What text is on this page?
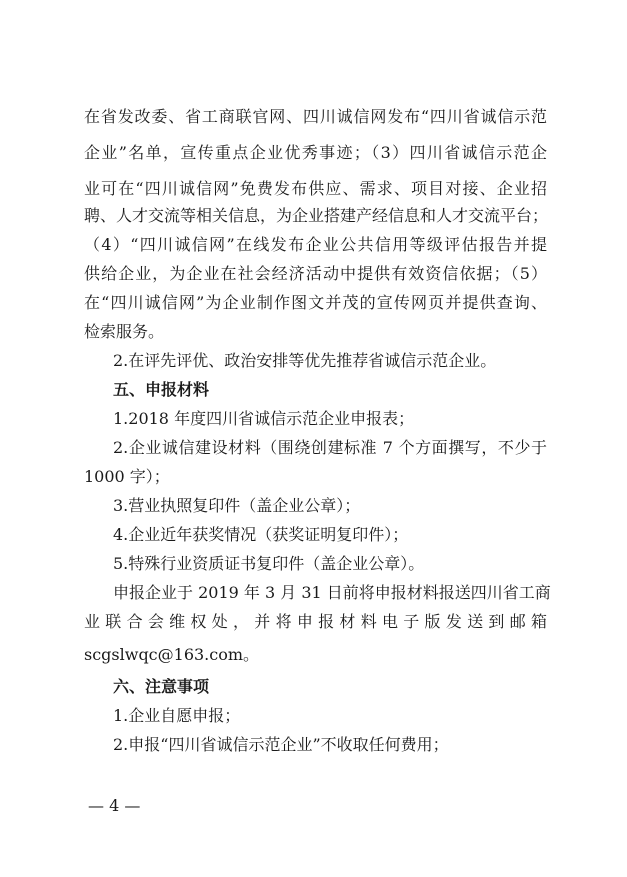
在省发改委、省工商联官网、四川诚信网发布“四川省诚信示范
企业”名单，宣传重点企业优秀事迹；（3）四川省诚信示范企
业可在“四川诚信网”免费发布供应、需求、项目对接、企业招
聘、人才交流等相关信息，为企业搭建产经信息和人才交流平台；
（4）“四川诚信网”在线发布企业公共信用等级评估报告并提
供给企业，为企业在社会经济活动中提供有效资信依据；（5）
在“四川诚信网”为企业制作图文并茂的宣传网页并提供查询、
检索服务。
2.在评先评优、政治安排等优先推荐省诚信示范企业。
五、申报材料
1.2018 年度四川省诚信示范企业申报表；
2.企业诚信建设材料（围绕创建标准 7 个方面撰写，不少于
1000 字）；
3.营业执照复印件（盖企业公章）；
4.企业近年获奖情况（获奖证明复印件）；
5.特殊行业资质证书复印件（盖企业公章）。
申报企业于 2019 年 3 月 31 日前将申报材料报送四川省工商
业联合会维权处，并将申报材料电子版发送到邮箱
scgslwqc@163.com。
六、注意事项
1.企业自愿申报；
2.申报“四川省诚信示范企业”不收取任何费用；
— 4 —
